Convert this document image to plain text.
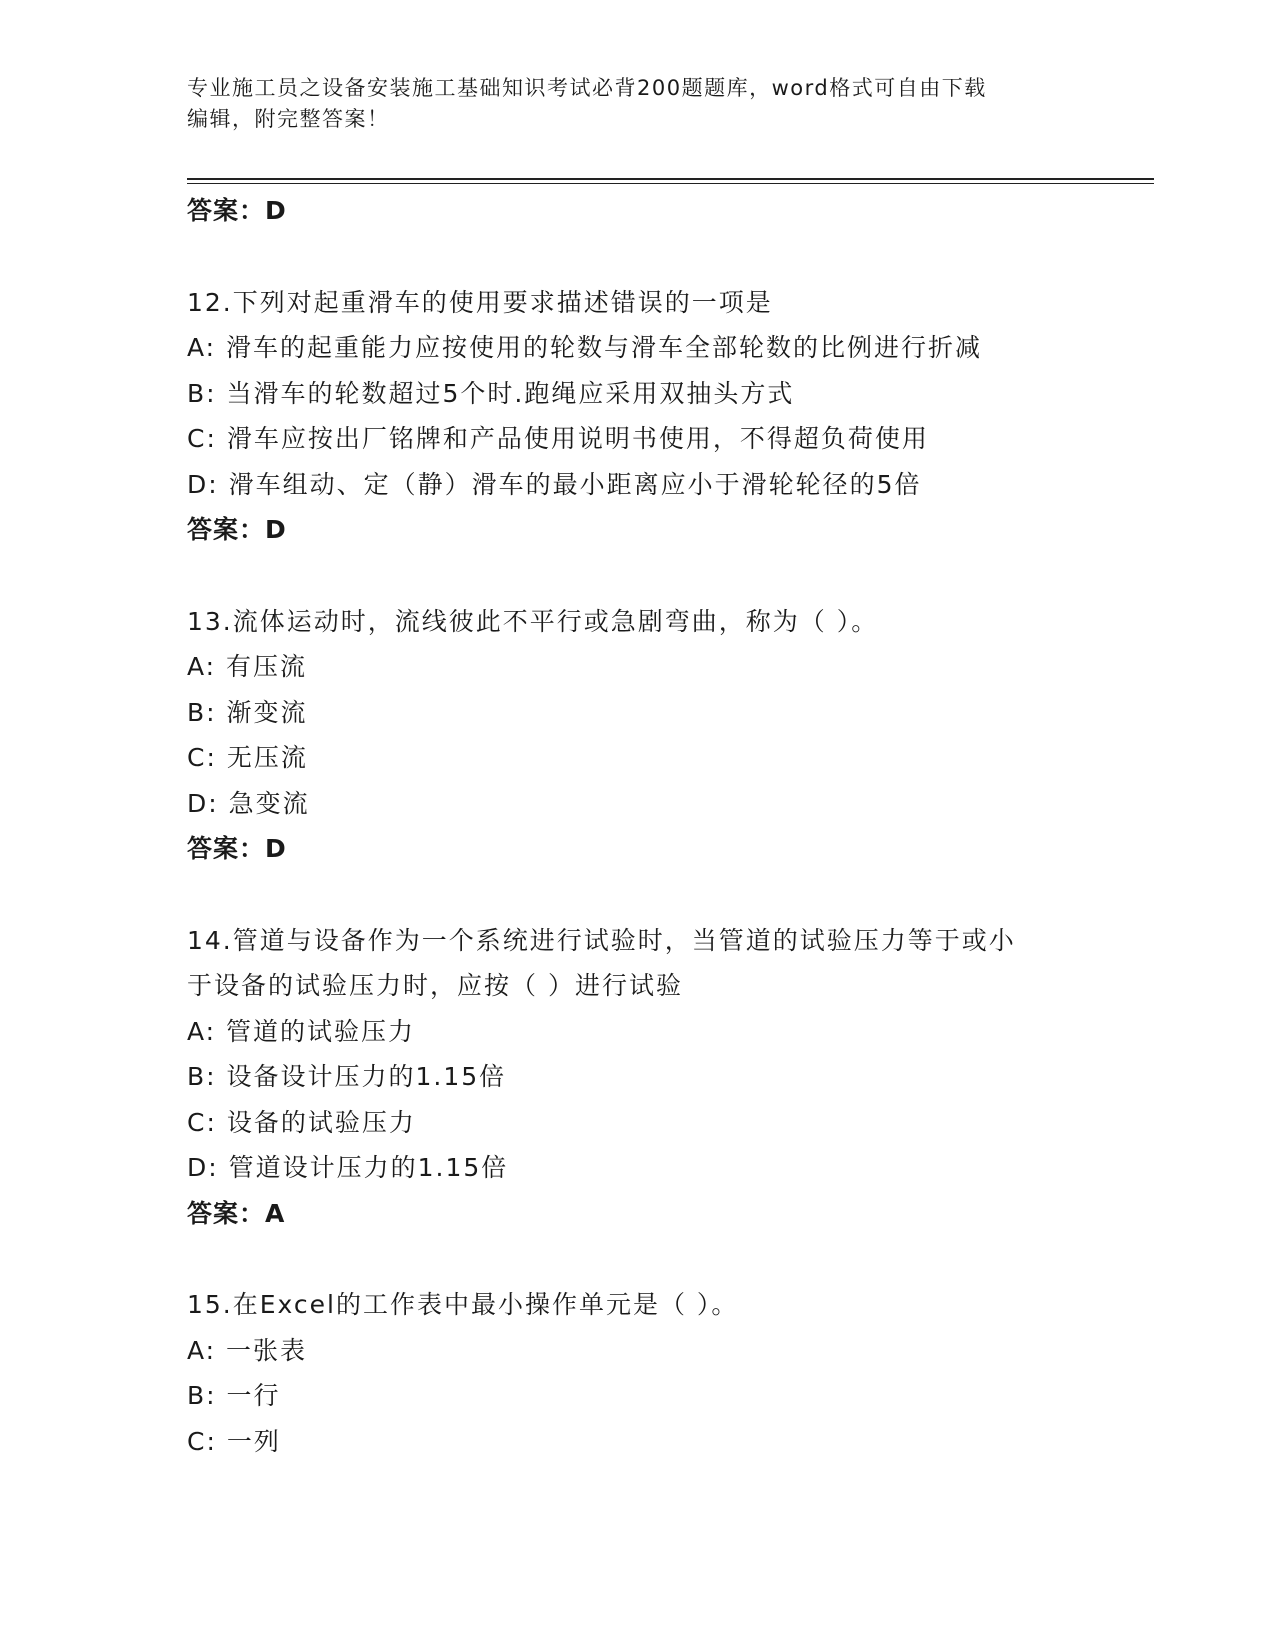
专业施工员之设备安装施工基础知识考试必背200题题库，word格式可自由下载
编辑，附完整答案！
答案：D
12.下列对起重滑车的使用要求描述错误的一项是
A: 滑车的起重能力应按使用的轮数与滑车全部轮数的比例进行折减
B: 当滑车的轮数超过5个时.跑绳应采用双抽头方式
C: 滑车应按出厂铭牌和产品使用说明书使用，不得超负荷使用
D: 滑车组动、定（静）滑车的最小距离应小于滑轮轮径的5倍
答案：D
13.流体运动时，流线彼此不平行或急剧弯曲，称为（ ）。
A: 有压流
B: 渐变流
C: 无压流
D: 急变流
答案：D
14.管道与设备作为一个系统进行试验时，当管道的试验压力等于或小
于设备的试验压力时，应按（ ）进行试验
A: 管道的试验压力
B: 设备设计压力的1.15倍
C: 设备的试验压力
D: 管道设计压力的1.15倍
答案：A
15.在Excel的工作表中最小操作单元是（ ）。
A: 一张表
B: 一行
C: 一列
